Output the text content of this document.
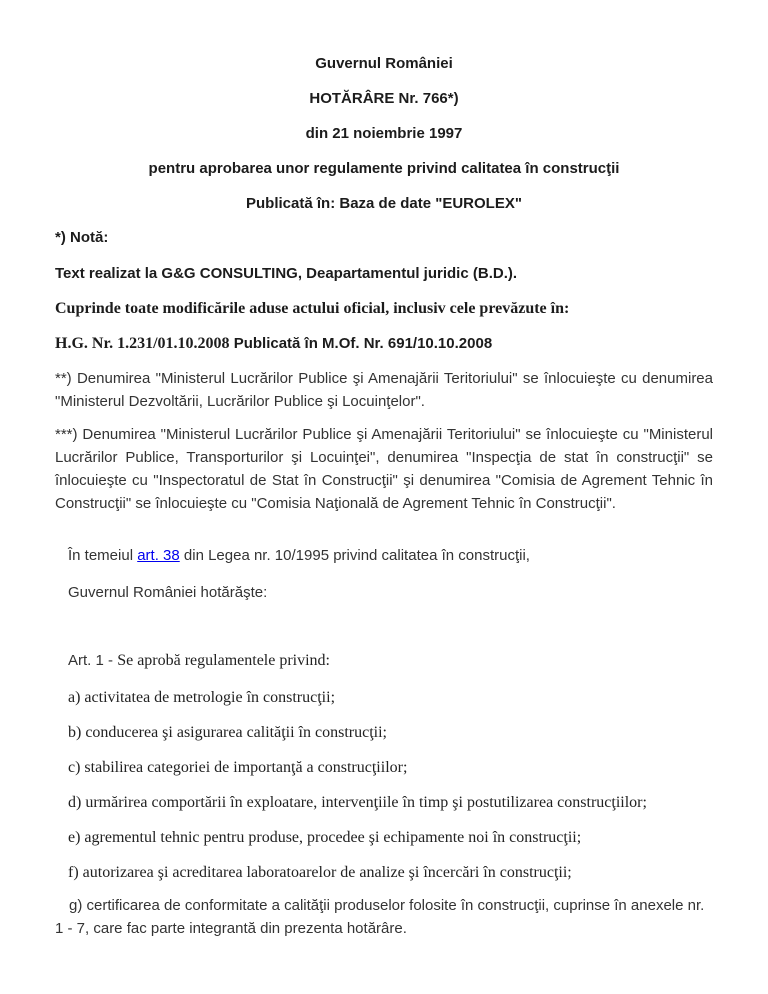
Guvernul României

HOTĂRÂRE Nr. 766*)

din 21 noiembrie 1997

pentru aprobarea unor regulamente privind calitatea în construcţii

Publicată în: Baza de date "EUROLEX"

*) Notă:

Text realizat la G&G CONSULTING, Deapartamentul juridic (B.D.).

Cuprinde toate modificările aduse actului oficial, inclusiv cele prevăzute în:

H.G. Nr. 1.231/01.10.2008 Publicată în M.Of. Nr. 691/10.10.2008

**) Denumirea "Ministerul Lucrărilor Publice şi Amenajării Teritoriului" se înlocuieşte cu denumirea "Ministerul Dezvoltării, Lucrărilor Publice şi Locuinţelor".

***) Denumirea "Ministerul Lucrărilor Publice şi Amenajării Teritoriului" se înlocuieşte cu "Ministerul Lucrărilor Publice, Transporturilor şi Locuinţei", denumirea "Inspecţia de stat în construcţii" se înlocuieşte cu "Inspectoratul de Stat în Construcţii" şi denumirea "Comisia de Agrement Tehnic în Construcţii" se înlocuieşte cu "Comisia Naţională de Agrement Tehnic în Construcţii".

În temeiul art. 38 din Legea nr. 10/1995 privind calitatea în construcţii,

Guvernul României hotărăşte:

Art. 1 - Se aprobă regulamentele privind:

a) activitatea de metrologie în construcţii;

b) conducerea şi asigurarea calităţii în construcţii;

c) stabilirea categoriei de importanţă a construcţiilor;

d) urmărirea comportării în exploatare, intervenţiile în timp şi postutilizarea construcţiilor;

e) agrementul tehnic pentru produse, procedee şi echipamente noi în construcţii;

f) autorizarea şi acreditarea laboratoarelor de analize şi încercări în construcţii;

g) certificarea de conformitate a calităţii produselor folosite în construcţii, cuprinse în anexele nr. 1 - 7, care fac parte integrantă din prezenta hotărâre.
